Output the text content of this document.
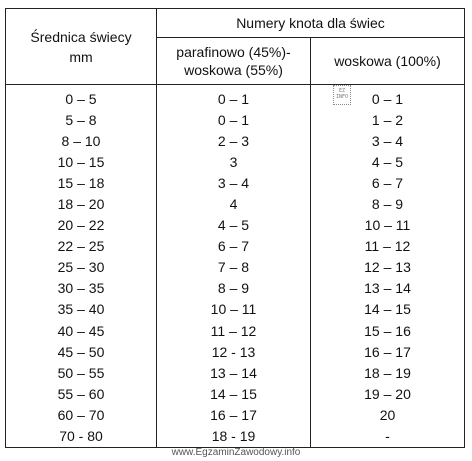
Średnica świecy mm	Numery knota dla świec	
	parafinowo (45%)-woskowa (55%)	woskowa (100%)
0 – 5	0 – 1	0 – 1
5 – 8	0 – 1	1 – 2
8 – 10	2 – 3	3 – 4
10 – 15	3	4 – 5
15 – 18	3 – 4	6 – 7
18 – 20	4	8 – 9
20 – 22	4 – 5	10 – 11
22 – 25	6 – 7	11 – 12
25 – 30	7 – 8	12 – 13
30 – 35	8 – 9	13 – 14
35 – 40	10 – 11	14 – 15
40 – 45	11 – 12	15 – 16
45 – 50	12 - 13	16 – 17
50 – 55	13 – 14	18 – 19
55 – 60	14 – 15	19 – 20
60 – 70	16 – 17	20
70 - 80	18 - 19	-
EZ INFO
www.EgzaminZawodowy.info
